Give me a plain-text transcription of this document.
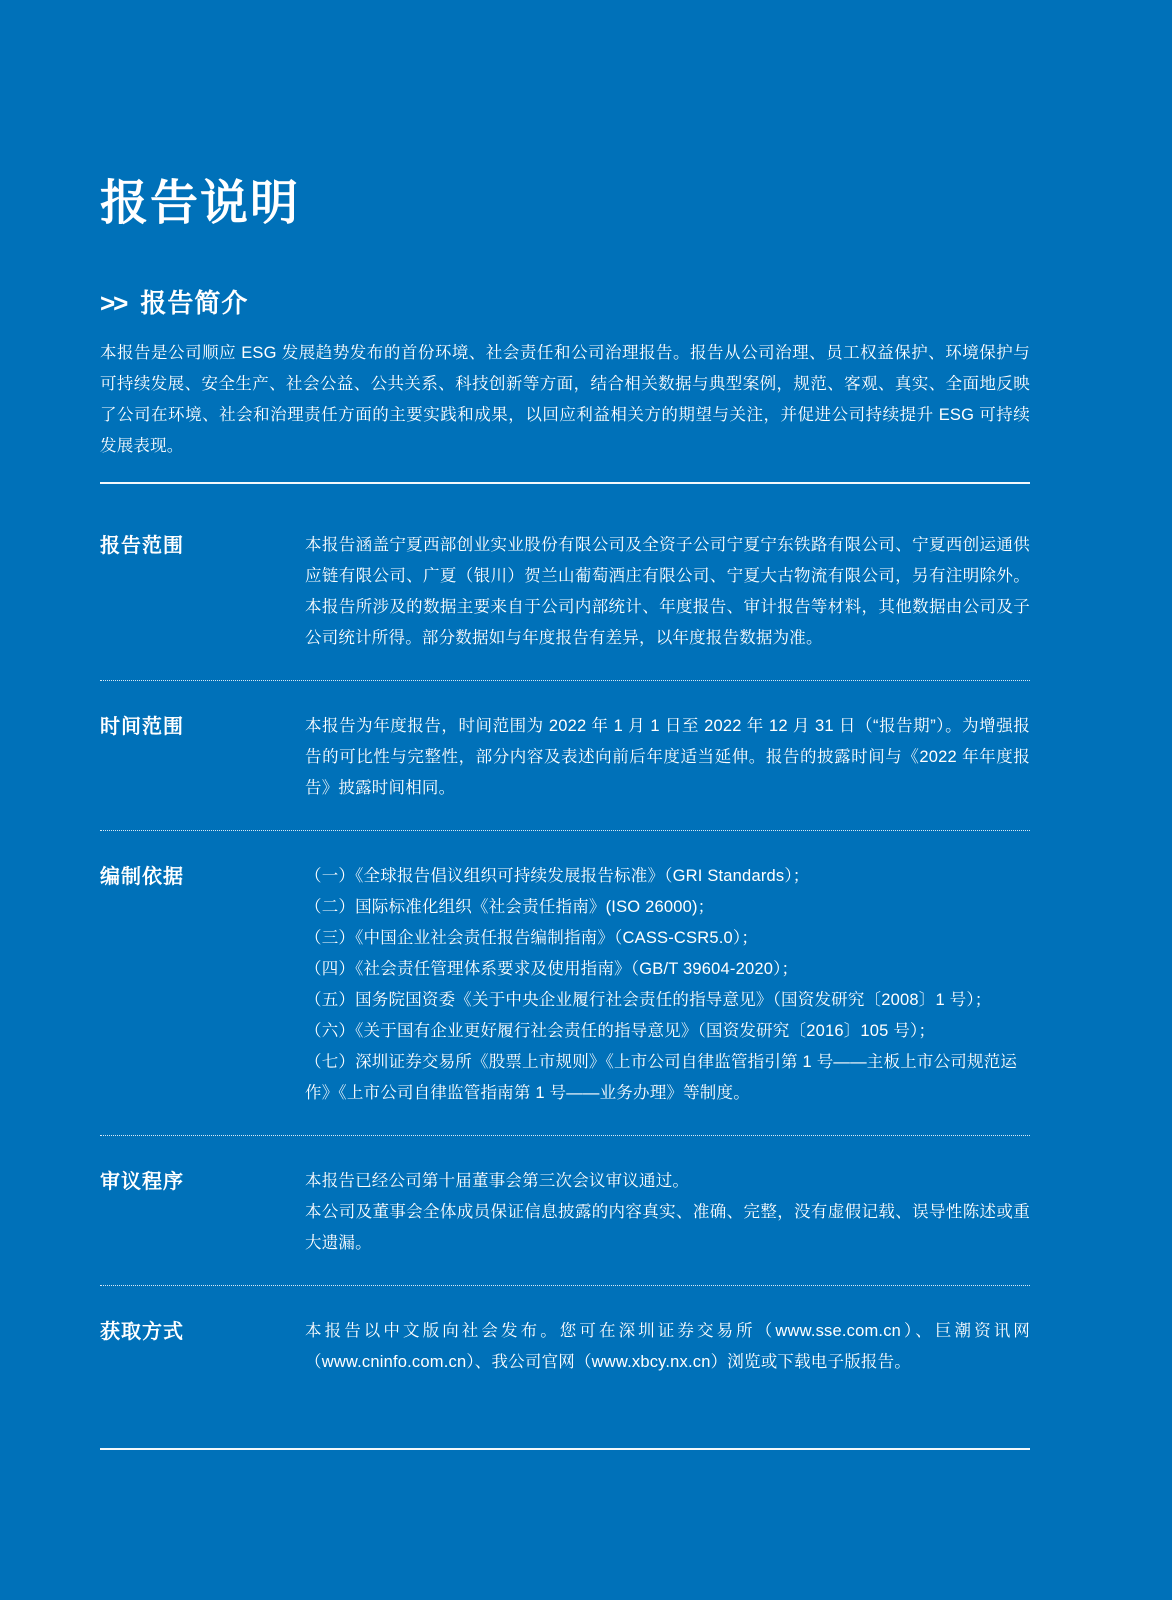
报告说明
>> 报告简介
本报告是公司顺应 ESG 发展趋势发布的首份环境、社会责任和公司治理报告。报告从公司治理、员工权益保护、环境保护与可持续发展、安全生产、社会公益、公共关系、科技创新等方面，结合相关数据与典型案例，规范、客观、真实、全面地反映了公司在环境、社会和治理责任方面的主要实践和成果，以回应利益相关方的期望与关注，并促进公司持续提升 ESG 可持续发展表现。
报告范围	本报告涵盖宁夏西部创业实业股份有限公司及全资子公司宁夏宁东铁路有限公司、宁夏西创运通供应链有限公司、广夏（银川）贺兰山葡萄酒庄有限公司、宁夏大古物流有限公司，另有注明除外。本报告所涉及的数据主要来自于公司内部统计、年度报告、审计报告等材料，其他数据由公司及子公司统计所得。部分数据如与年度报告有差异，以年度报告数据为准。

时间范围	本报告为年度报告，时间范围为 2022 年 1 月 1 日至 2022 年 12 月 31 日（“报告期”）。为增强报告的可比性与完整性，部分内容及表述向前后年度适当延伸。报告的披露时间与《2022 年年度报告》披露时间相同。

编制依据	（一）《全球报告倡议组织可持续发展报告标准》（GRI Standards）；

（二）国际标准化组织《社会责任指南》(ISO 26000)；

（三）《中国企业社会责任报告编制指南》（CASS-CSR5.0）；

（四）《社会责任管理体系要求及使用指南》（GB/T 39604-2020）；

（五）国务院国资委《关于中央企业履行社会责任的指导意见》（国资发研究〔2008〕1 号）；

（六）《关于国有企业更好履行社会责任的指导意见》（国资发研究〔2016〕105 号）；

（七）深圳证券交易所《股票上市规则》《上市公司自律监管指引第 1 号——主板上市公司规范运作》《上市公司自律监管指南第 1 号——业务办理》等制度。

审议程序	本报告已经公司第十届董事会第三次会议审议通过。

本公司及董事会全体成员保证信息披露的内容真实、准确、完整，没有虚假记载、误导性陈述或重大遗漏。

获取方式	本报告以中文版向社会发布。您可在深圳证券交易所（www.sse.com.cn）、巨潮资讯网（www.cninfo.com.cn）、我公司官网（www.xbcy.nx.cn）浏览或下载电子版报告。
